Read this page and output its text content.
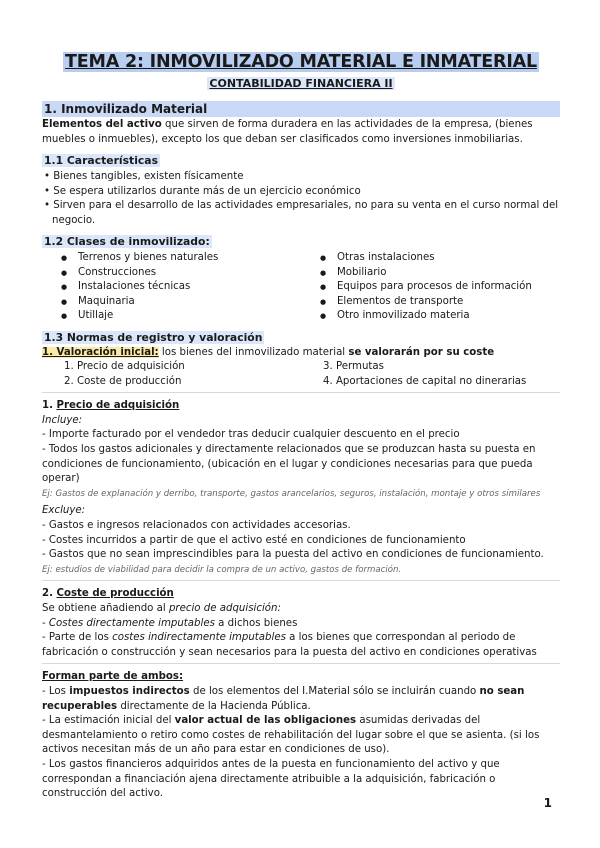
TEMA 2: INMOVILIZADO MATERIAL E INMATERIAL
CONTABILIDAD FINANCIERA II
1. Inmovilizado Material

Elementos del activo que sirven de forma duradera en las actividades de la empresa, (bienes muebles o inmuebles), excepto los que deban ser clasificados como inversiones inmobiliarias.

1.1 Características
• Bienes tangibles, existen físicamente
• Se espera utilizarlos durante más de un ejercicio económico
• Sirven para el desarrollo de las actividades empresariales, no para su venta en el curso normal del negocio.
1.2 Clases de inmovilizado:
● Terrenos y bienes naturales
● Construcciones
● Instalaciones técnicas
● Maquinaria
● Utillaje
● Otras instalaciones
● Mobiliario
● Equipos para procesos de información
● Elementos de transporte
● Otro inmovilizado materia
1.3 Normas de registro y valoración

1. Valoración inicial: los bienes del inmovilizado material se valorarán por su coste

1. Precio de adquisición
2. Coste de producción
3. Permutas
4. Aportaciones de capital no dinerarias

1. Precio de adquisición

Incluye:

- Importe facturado por el vendedor tras deducir cualquier descuento en el precio

- Todos los gastos adicionales y directamente relacionados que se produzcan hasta su puesta en condiciones de funcionamiento, (ubicación en el lugar y condiciones necesarias para que pueda operar)

Ej: Gastos de explanación y derribo, transporte, gastos arancelarios, seguros, instalación, montaje y otros similares

Excluye:

- Gastos e ingresos relacionados con actividades accesorias.

- Costes incurridos a partir de que el activo esté en condiciones de funcionamiento

- Gastos que no sean imprescindibles para la puesta del activo en condiciones de funcionamiento.

Ej: estudios de viabilidad para decidir la compra de un activo, gastos de formación.

2. Coste de producción

Se obtiene añadiendo al precio de adquisición:

- Costes directamente imputables a dichos bienes

- Parte de los costes indirectamente imputables a los bienes que correspondan al periodo de fabricación o construcción y sean necesarios para la puesta del activo en condiciones operativas

Forman parte de ambos:

- Los impuestos indirectos de los elementos del I.Material sólo se incluirán cuando no sean recuperables directamente de la Hacienda Pública.

- La estimación inicial del valor actual de las obligaciones asumidas derivadas del desmantelamiento o retiro como costes de rehabilitación del lugar sobre el que se asienta. (si los activos necesitan más de un año para estar en condiciones de uso).

- Los gastos financieros adquiridos antes de la puesta en funcionamiento del activo y que correspondan a financiación ajena directamente atribuible a la adquisición, fabricación o construcción del activo.

1
